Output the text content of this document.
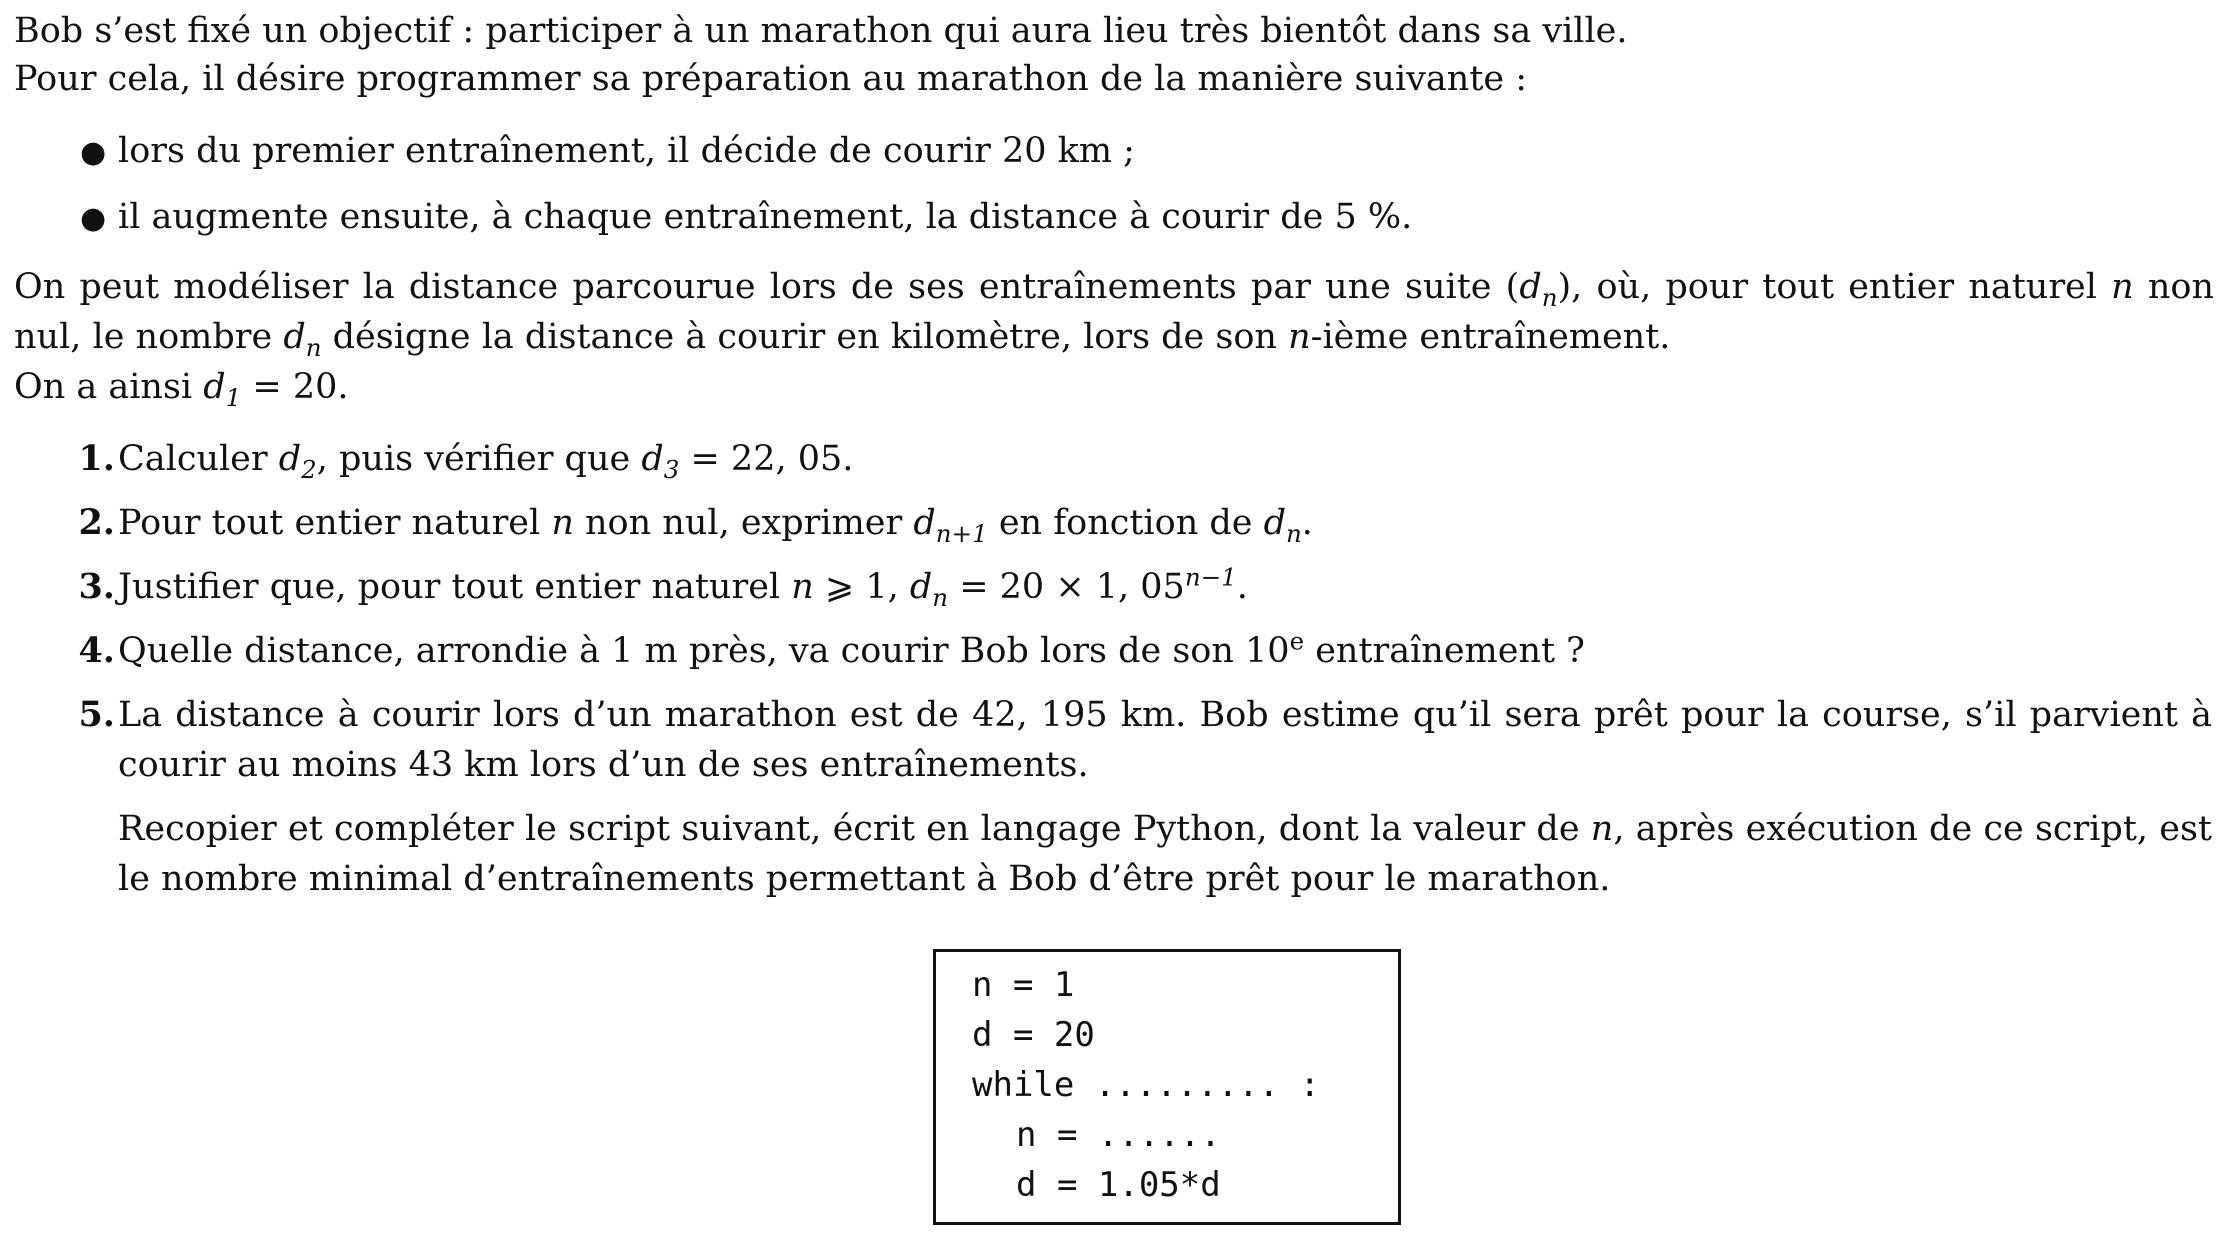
Bob s’est fixé un objectif : participer à un marathon qui aura lieu très bientôt dans sa ville.
Pour cela, il désire programmer sa préparation au marathon de la manière suivante :
● lors du premier entraînement, il décide de courir 20 km ;
● il augmente ensuite, à chaque entraînement, la distance à courir de 5 %.
On peut modéliser la distance parcourue lors de ses entraînements par une suite $(d_n)$, où, pour tout entier naturel n non nul, le nombre $d_n$ désigne la distance à courir en kilomètre, lors de son n-ième entraînement.
On a ainsi $d_1 = 20$.
1. Calculer $d_2$, puis vérifier que $d_3 = 22$, 05.
2. Pour tout entier naturel n non nul, exprimer $d_{n+1}$ en fonction de $d_n$.
3. Justifier que, pour tout entier naturel n ⩾ 1, $d_n = 20 \times 1$, $05^{n-1}$.
4. Quelle distance, arrondie à 1 m près, va courir Bob lors de son 10e entraînement ?
5. La distance à courir lors d’un marathon est de 42, 195 km. Bob estime qu’il sera prêt pour la course, s’il parvient à courir au moins 43 km lors d’un de ses entraînements.
Recopier et compléter le script suivant, écrit en langage Python, dont la valeur de n, après exécution de ce script, est le nombre minimal d’entraînements permettant à Bob d’être prêt pour le marathon.
n = 1
d = 20
while ......... :
n = ......
d = 1.05*d
